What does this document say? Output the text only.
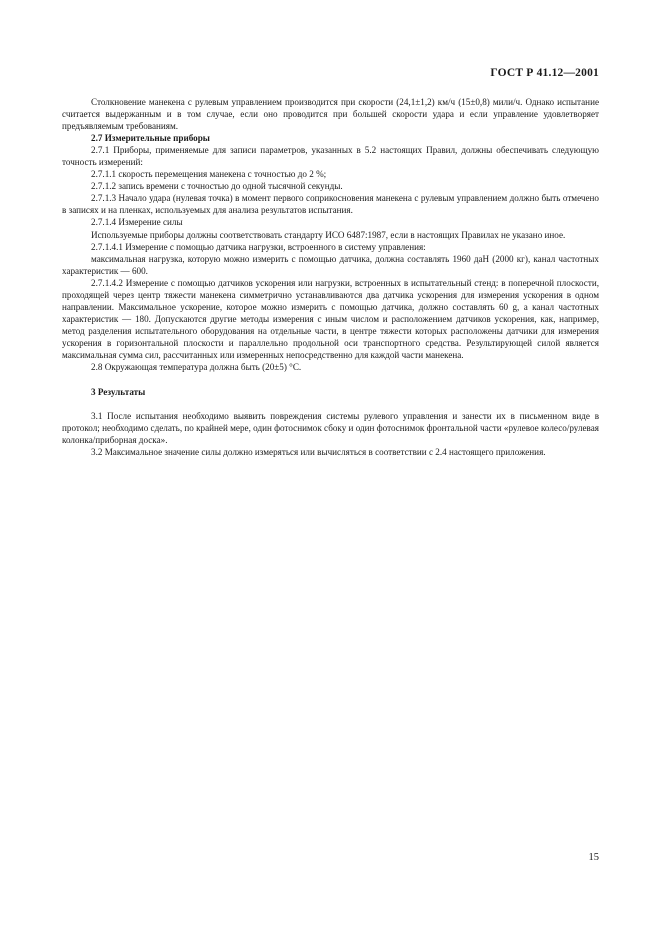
ГОСТ Р 41.12—2001

Столкновение манекена с рулевым управлением производится при скорости (24,1±1,2) км/ч (15±0,8) мили/ч. Однако испытание считается выдержанным и в том случае, если оно проводится при большей скорости удара и если управление удовлетворяет предъявляемым требованиям.

2.7 Измерительные приборы

2.7.1 Приборы, применяемые для записи параметров, указанных в 5.2 настоящих Правил, должны обеспечивать следующую точность измерений:

2.7.1.1 скорость перемещения манекена с точностью до 2 %;

2.7.1.2 запись времени с точностью до одной тысячной секунды.

2.7.1.3 Начало удара (нулевая точка) в момент первого соприкосновения манекена с рулевым управлением должно быть отмечено в записях и на пленках, используемых для анализа результатов испытания.

2.7.1.4 Измерение силы

Используемые приборы должны соответствовать стандарту ИСО 6487:1987, если в настоящих Правилах не указано иное.

2.7.1.4.1 Измерение с помощью датчика нагрузки, встроенного в систему управления:

максимальная нагрузка, которую можно измерить с помощью датчика, должна составлять 1960 даН (2000 кг), канал частотных характеристик — 600.

2.7.1.4.2 Измерение с помощью датчиков ускорения или нагрузки, встроенных в испытательный стенд: в поперечной плоскости, проходящей через центр тяжести манекена симметрично устанавливаются два датчика ускорения для измерения ускорения в одном направлении. Максимальное ускорение, которое можно измерить с помощью датчика, должно составлять 60 g, а канал частотных характеристик — 180. Допускаются другие методы измерения с иным числом и расположением датчиков ускорения, как, например, метод разделения испытательного оборудования на отдельные части, в центре тяжести которых расположены датчики для измерения ускорения в горизонтальной плоскости и параллельно продольной оси транспортного средства. Результирующей силой является максимальная сумма сил, рассчитанных или измеренных непосредственно для каждой части манекена.

2.8 Окружающая температура должна быть (20±5) °С.

3 Результаты

3.1 После испытания необходимо выявить повреждения системы рулевого управления и занести их в письменном виде в протокол; необходимо сделать, по крайней мере, один фотоснимок сбоку и один фотоснимок фронтальной части «рулевое колесо/рулевая колонка/приборная доска».

3.2 Максимальное значение силы должно измеряться или вычисляться в соответствии с 2.4 настоящего приложения.

15
